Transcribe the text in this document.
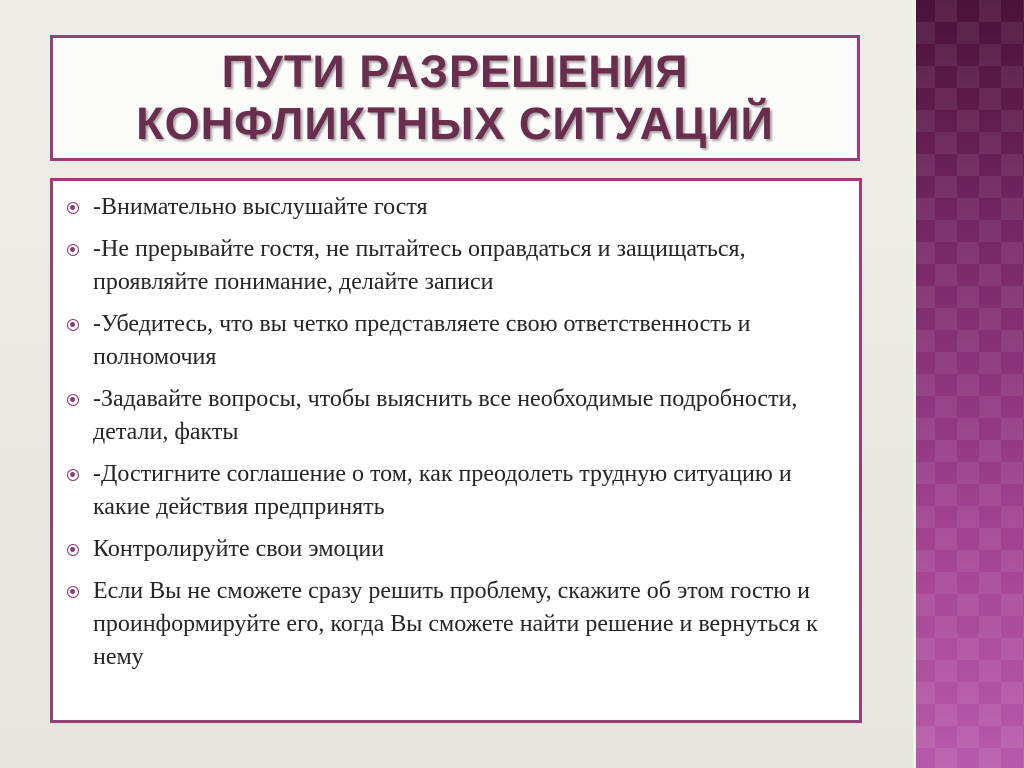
ПУТИ РАЗРЕШЕНИЯ
КОНФЛИКТНЫХ СИТУАЦИЙ
-Внимательно выслушайте гостя
-Не прерывайте гостя, не пытайтесь оправдаться и защищаться, проявляйте понимание, делайте записи
-Убедитесь, что вы четко представляете свою ответственность и полномочия
-Задавайте вопросы, чтобы выяснить все необходимые подробности, детали, факты
-Достигните соглашение о том, как преодолеть трудную ситуацию и какие действия предпринять
Контролируйте свои эмоции
Если Вы не сможете сразу решить проблему, скажите об этом гостю и проинформируйте его, когда Вы сможете найти решение и вернуться к нему
